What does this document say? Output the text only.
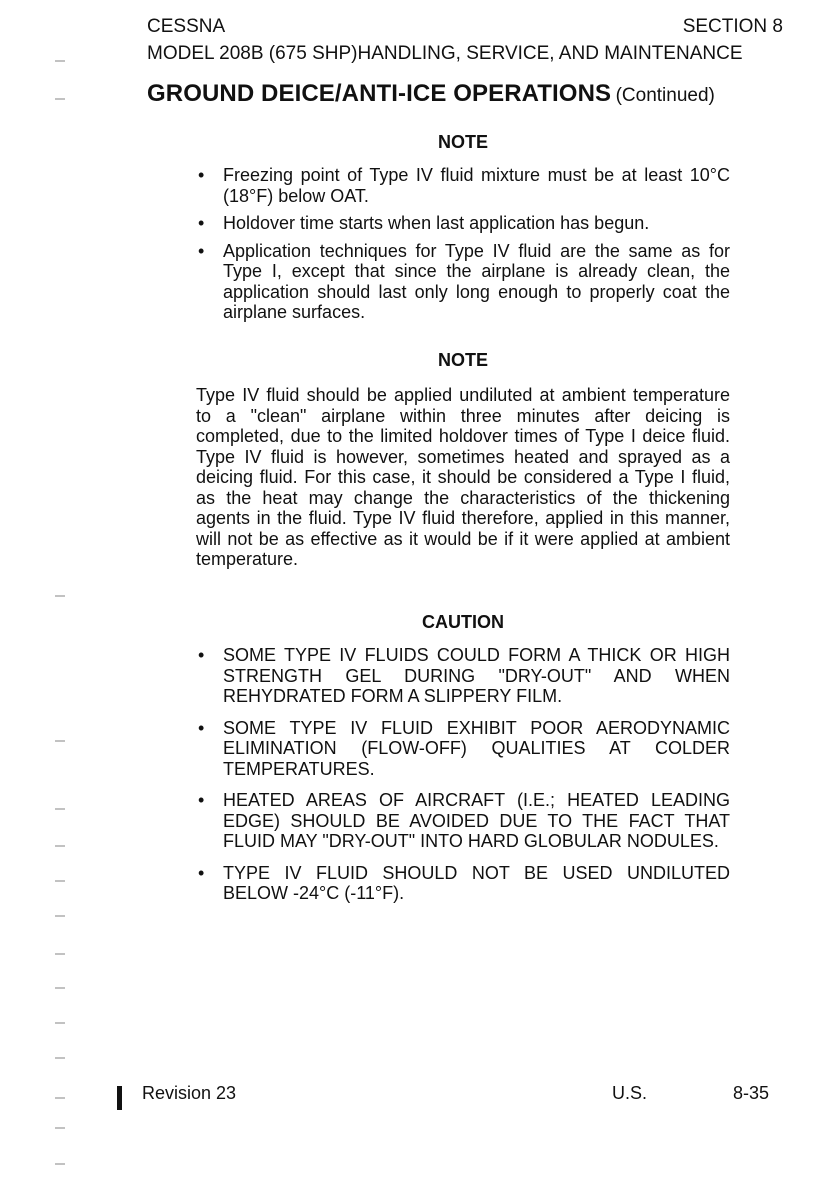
CESSNA	SECTION 8
MODEL 208B (675 SHP)HANDLING, SERVICE, AND MAINTENANCE
GROUND DEICE/ANTI-ICE OPERATIONS (Continued)
NOTE
• Freezing point of Type IV fluid mixture must be at least 10°C (18°F) below OAT.
• Holdover time starts when last application has begun.
• Application techniques for Type IV fluid are the same as for Type I, except that since the airplane is already clean, the application should last only long enough to properly coat the airplane surfaces.
NOTE

Type IV fluid should be applied undiluted at ambient temperature to a "clean" airplane within three minutes after deicing is completed, due to the limited holdover times of Type I deice fluid. Type IV fluid is however, sometimes heated and sprayed as a deicing fluid. For this case, it should be considered a Type I fluid, as the heat may change the characteristics of the thickening agents in the fluid. Type IV fluid therefore, applied in this manner, will not be as effective as it would be if it were applied at ambient temperature.

CAUTION
• SOME TYPE IV FLUIDS COULD FORM A THICK OR HIGH STRENGTH GEL DURING "DRY-OUT" AND WHEN REHYDRATED FORM A SLIPPERY FILM.
• SOME TYPE IV FLUID EXHIBIT POOR AERODYNAMIC ELIMINATION (FLOW-OFF) QUALITIES AT COLDER TEMPERATURES.
• HEATED AREAS OF AIRCRAFT (I.E.; HEATED LEADING EDGE) SHOULD BE AVOIDED DUE TO THE FACT THAT FLUID MAY "DRY-OUT" INTO HARD GLOBULAR NODULES.
• TYPE IV FLUID SHOULD NOT BE USED UNDILUTED BELOW -24°C (-11°F).
Revision 23	U.S.	8-35
